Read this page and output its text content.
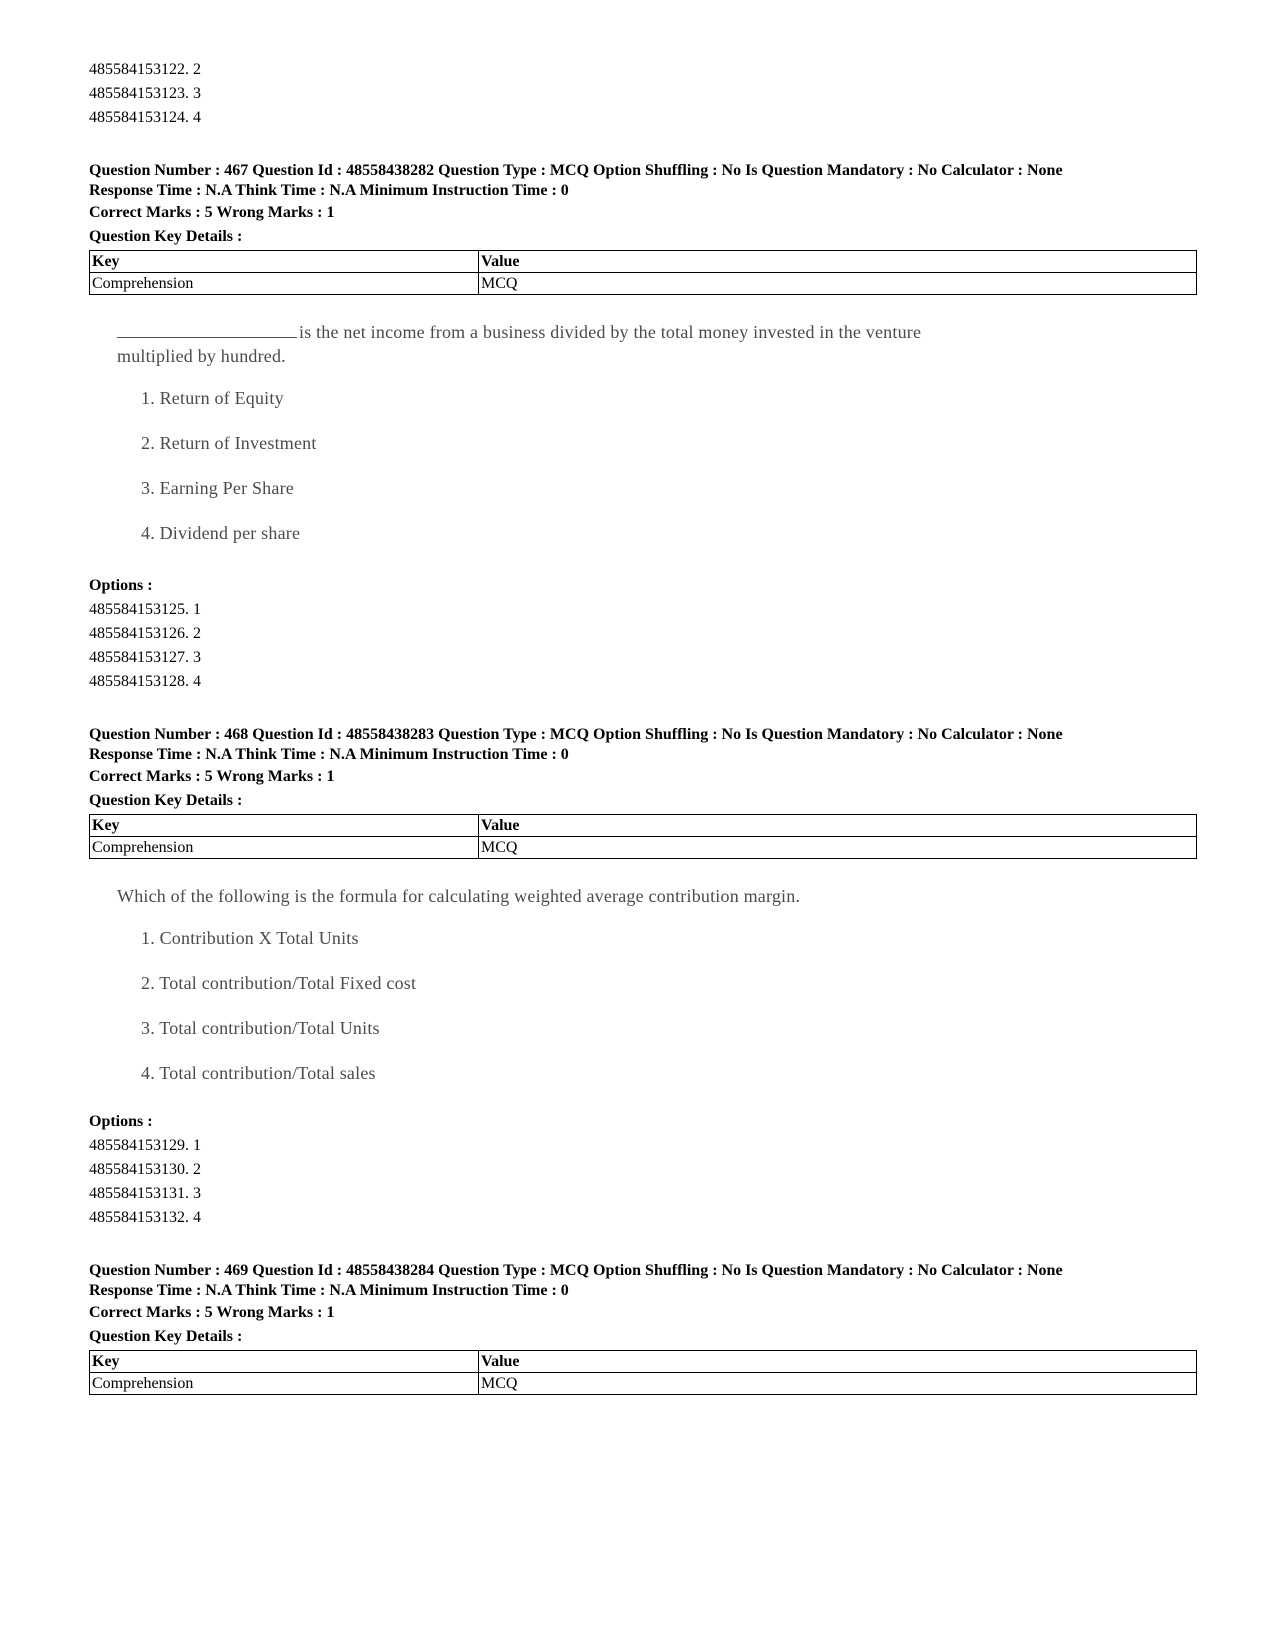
485584153122. 2
485584153123. 3
485584153124. 4
Question Number : 467 Question Id : 48558438282 Question Type : MCQ Option Shuffling : No Is Question Mandatory : No Calculator : None
Response Time : N.A Think Time : N.A Minimum Instruction Time : 0
Correct Marks : 5 Wrong Marks : 1
Question Key Details :
Key	Value
Comprehension	MCQ
is the net income from a business divided by the total money invested in the venture
multiplied by hundred.
1. Return of Equity
2. Return of Investment
3. Earning Per Share
4. Dividend per share
Options :
485584153125. 1
485584153126. 2
485584153127. 3
485584153128. 4
Question Number : 468 Question Id : 48558438283 Question Type : MCQ Option Shuffling : No Is Question Mandatory : No Calculator : None
Response Time : N.A Think Time : N.A Minimum Instruction Time : 0
Correct Marks : 5 Wrong Marks : 1
Question Key Details :
Key	Value
Comprehension	MCQ
Which of the following is the formula for calculating weighted average contribution margin.
1. Contribution X Total Units
2. Total contribution/Total Fixed cost
3. Total contribution/Total Units
4. Total contribution/Total sales
Options :
485584153129. 1
485584153130. 2
485584153131. 3
485584153132. 4
Question Number : 469 Question Id : 48558438284 Question Type : MCQ Option Shuffling : No Is Question Mandatory : No Calculator : None
Response Time : N.A Think Time : N.A Minimum Instruction Time : 0
Correct Marks : 5 Wrong Marks : 1
Question Key Details :
Key	Value
Comprehension	MCQ
